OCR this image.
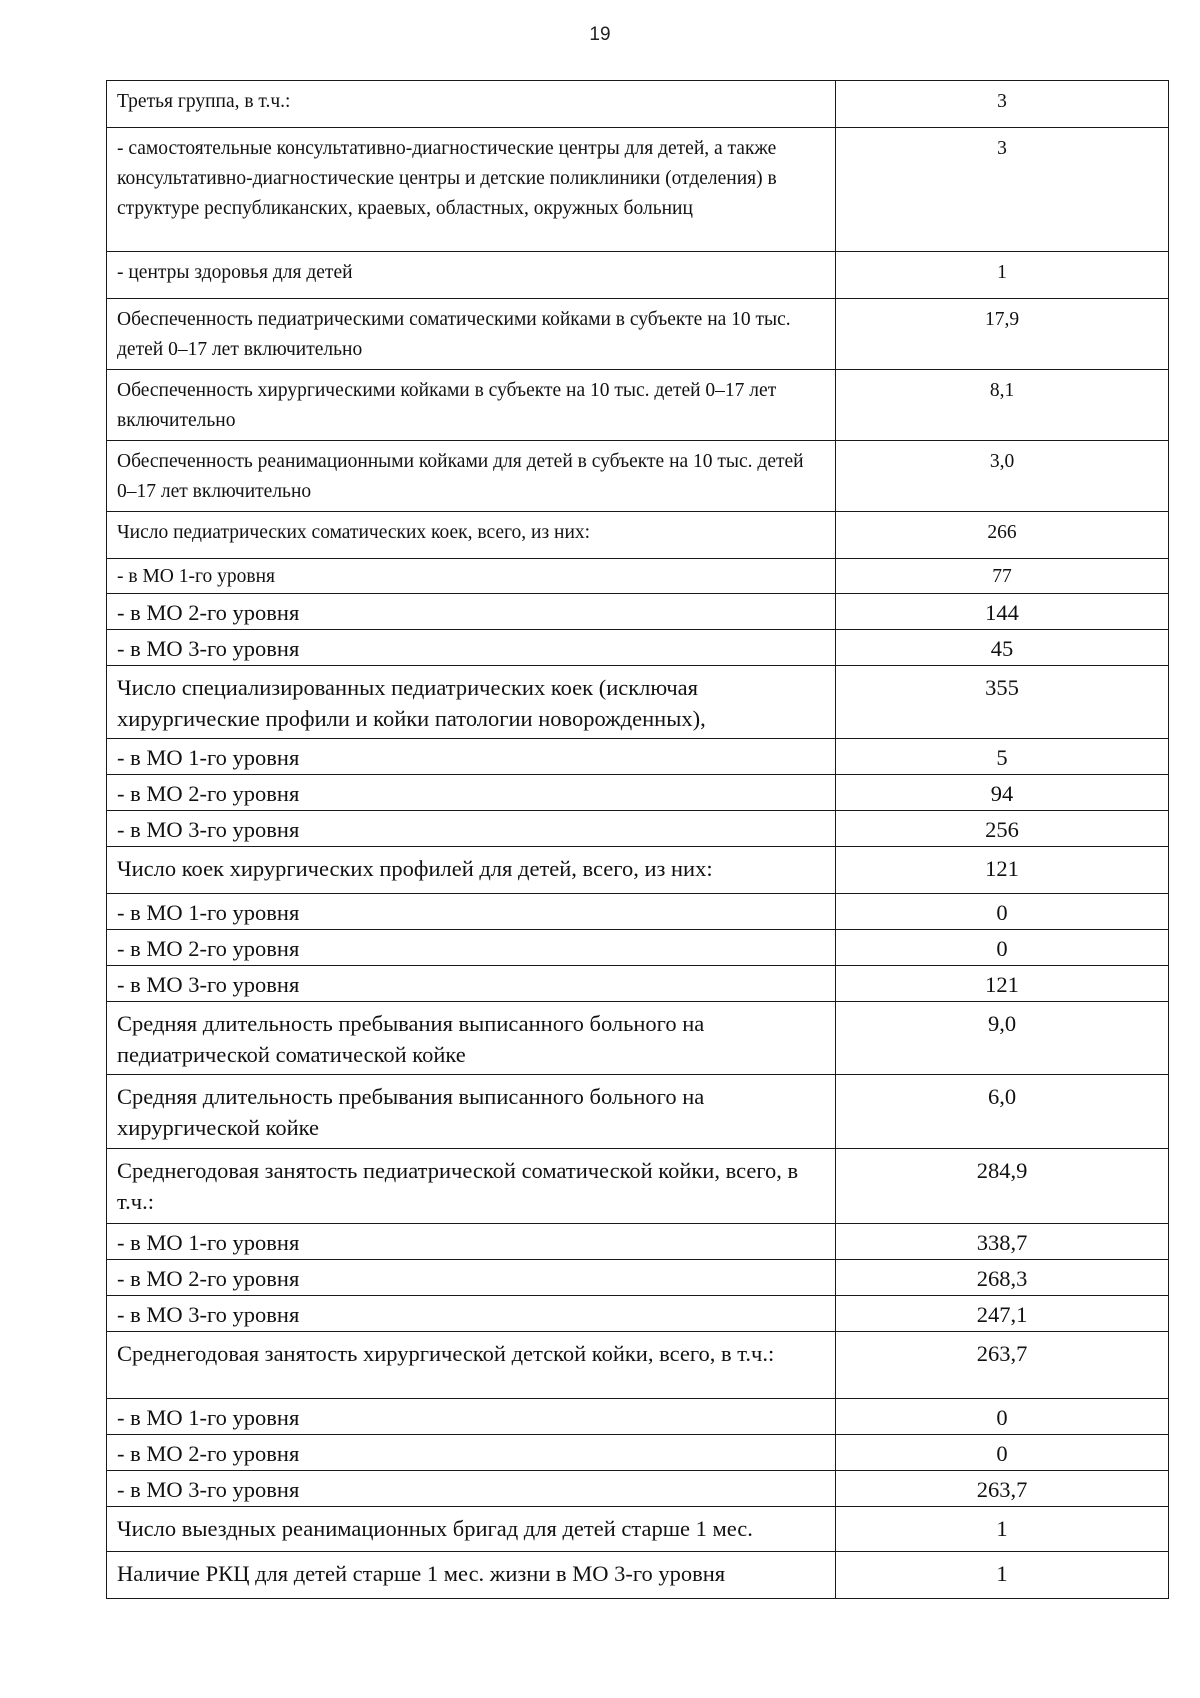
19
Третья группа, в т.ч.:	3
- самостоятельные консультативно-диагностические центры для детей, а также консультативно-диагностические центры и детские поликлиники (отделения) в структуре республиканских, краевых, областных, окружных больниц	3
- центры здоровья для детей	1
Обеспеченность педиатрическими соматическими койками в субъекте на 10 тыс. детей 0–17 лет включительно	17,9
Обеспеченность хирургическими койками в субъекте на 10 тыс. детей 0–17 лет включительно	8,1
Обеспеченность реанимационными койками для детей в субъекте на 10 тыс. детей 0–17 лет включительно	3,0
Число педиатрических соматических коек, всего, из них:	266
- в МО 1-го уровня	77
- в МО 2-го уровня	144
- в МО 3-го уровня	45
Число специализированных педиатрических коек (исключая хирургические профили и койки патологии новорожденных),	355
- в МО 1-го уровня	5
- в МО 2-го уровня	94
- в МО 3-го уровня	256
Число коек хирургических профилей для детей, всего, из них:	121
- в МО 1-го уровня	0
- в МО 2-го уровня	0
- в МО 3-го уровня	121
Средняя длительность пребывания выписанного больного на педиатрической соматической койке	9,0
Средняя длительность пребывания выписанного больного на хирургической койке	6,0
Среднегодовая занятость педиатрической соматической койки, всего, в т.ч.:	284,9
- в МО 1-го уровня	338,7
- в МО 2-го уровня	268,3
- в МО 3-го уровня	247,1
Среднегодовая занятость хирургической детской койки, всего, в т.ч.:	263,7
- в МО 1-го уровня	0
- в МО 2-го уровня	0
- в МО 3-го уровня	263,7
Число выездных реанимационных бригад для детей старше 1 мес.	1
Наличие РКЦ для детей старше 1 мес. жизни в МО 3-го уровня	1
